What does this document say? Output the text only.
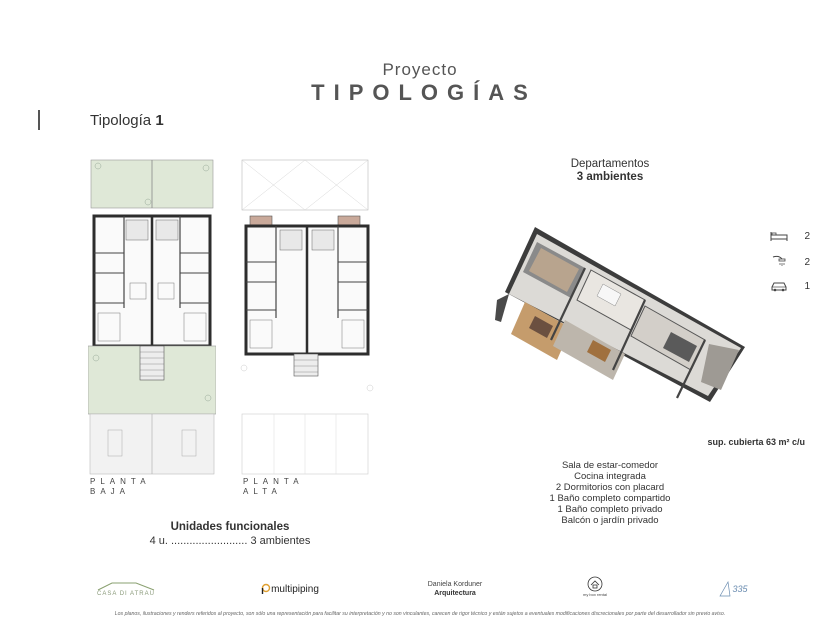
Proyecto
TIPOLOGÍAS
Tipología 1
PLANTA
BAJA
PLANTA
ALTA
Unidades funcionales
4 u. ......................... 3 ambientes
Departamentos
3 ambientes
2
2
1
sup. cubierta 63 m² c/u
Sala de estar-comedor
Cocina integrada
2 Dormitorios con placard
1 Baño completo compartido
1 Baño completo privado
Balcón o jardín privado
CASA DI ATRAU	multipiping	Daniela Korduner
Arquitectura	my box rental	335
Los planos, ilustraciones y renders referidos al proyecto, son sólo una representación para facilitar su interpretación y no son vinculantes, carecen de rigor técnico y están sujetos a eventuales modificaciones discrecionales por parte del desarrollador sin previo aviso.
